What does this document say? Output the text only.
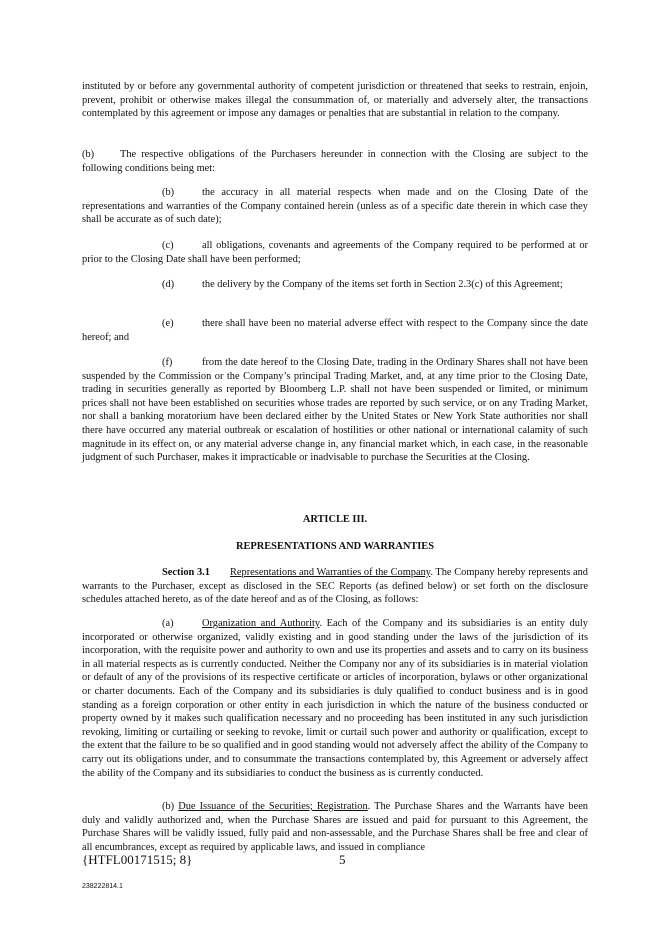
instituted by or before any governmental authority of competent jurisdiction or threatened that seeks to restrain, enjoin, prevent, prohibit or otherwise makes illegal the consummation of, or materially and adversely alter, the transactions contemplated by this agreement or impose any damages or penalties that are substantial in relation to the company.

(b) The respective obligations of the Purchasers hereunder in connection with the Closing are subject to the following conditions being met:

(b)	the accuracy in all material respects when made and on the Closing Date of the representations and warranties of the Company contained herein (unless as of a specific date therein in which case they shall be accurate as of such date);

(c)	all obligations, covenants and agreements of the Company required to be performed at or prior to the Closing Date shall have been performed;

(d)	the delivery by the Company of the items set forth in Section 2.3(c) of this Agreement;

(e)	there shall have been no material adverse effect with respect to the Company since the date hereof; and

(f)	from the date hereof to the Closing Date, trading in the Ordinary Shares shall not have been suspended by the Commission or the Company’s principal Trading Market, and, at any time prior to the Closing Date, trading in securities generally as reported by Bloomberg L.P. shall not have been suspended or limited, or minimum prices shall not have been established on securities whose trades are reported by such service, or on any Trading Market, nor shall a banking moratorium have been declared either by the United States or New York State authorities nor shall there have occurred any material outbreak or escalation of hostilities or other national or international calamity of such magnitude in its effect on, or any material adverse change in, any financial market which, in each case, in the reasonable judgment of such Purchaser, makes it impracticable or inadvisable to purchase the Securities at the Closing.

ARTICLE III.

REPRESENTATIONS AND WARRANTIES

Section 3.1 Representations and Warranties of the Company. The Company hereby represents and warrants to the Purchaser, except as disclosed in the SEC Reports (as defined below) or set forth on the disclosure schedules attached hereto, as of the date hereof and as of the Closing, as follows:

(a)	Organization and Authority. Each of the Company and its subsidiaries is an entity duly incorporated or otherwise organized, validly existing and in good standing under the laws of the jurisdiction of its incorporation, with the requisite power and authority to own and use its properties and assets and to carry on its business in all material respects as is currently conducted. Neither the Company nor any of its subsidiaries is in material violation or default of any of the provisions of its respective certificate or articles of incorporation, bylaws or other organizational or charter documents. Each of the Company and its subsidiaries is duly qualified to conduct business and is in good standing as a foreign corporation or other entity in each jurisdiction in which the nature of the business conducted or property owned by it makes such qualification necessary and no proceeding has been instituted in any such jurisdiction revoking, limiting or curtailing or seeking to revoke, limit or curtail such power and authority or qualification, except to the extent that the failure to be so qualified and in good standing would not adversely affect the ability of the Company to carry out its obligations under, and to consummate the transactions contemplated by, this Agreement or adversely affect the ability of the Company and its subsidiaries to conduct the business as is currently conducted.

(b) Due Issuance of the Securities; Registration. The Purchase Shares and the Warrants have been duly and validly authorized and, when the Purchase Shares are issued and paid for pursuant to this Agreement, the Purchase Shares will be validly issued, fully paid and non-assessable, and the Purchase Shares shall be free and clear of all encumbrances, except as required by applicable laws, and issued in compliance

{HTFL00171515; 8}	5
238222814.1
